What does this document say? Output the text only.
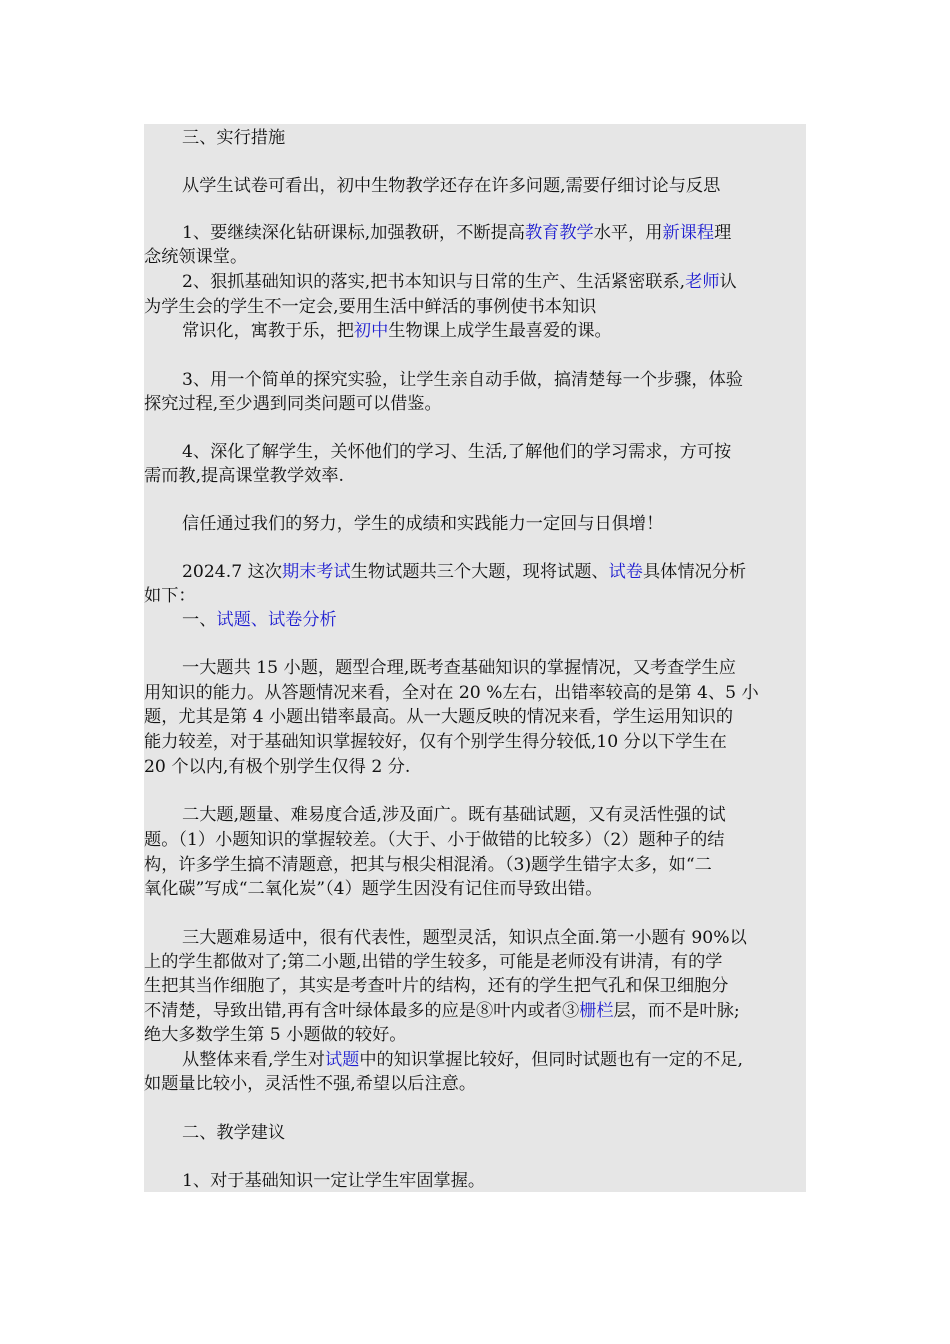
三、实行措施
从学生试卷可看出，初中生物教学还存在许多问题,需要仔细讨论与反思
1、要继续深化钻研课标,加强教研，不断提高教育教学水平，用新课程理
念统领课堂。
2、狠抓基础知识的落实,把书本知识与日常的生产、生活紧密联系,老师认
为学生会的学生不一定会,要用生活中鲜活的事例使书本知识
常识化，寓教于乐，把初中生物课上成学生最喜爱的课。
3、用一个简单的探究实验，让学生亲自动手做，搞清楚每一个步骤，体验
探究过程,至少遇到同类问题可以借鉴。
4、深化了解学生，关怀他们的学习、生活,了解他们的学习需求，方可按
需而教,提高课堂教学效率.
信任通过我们的努力，学生的成绩和实践能力一定回与日俱增！
2024.7 这次期末考试生物试题共三个大题，现将试题、试卷具体情况分析
如下：
一、试题、试卷分析
一大题共 15 小题，题型合理,既考查基础知识的掌握情况，又考查学生应
用知识的能力。从答题情况来看，全对在 20 %左右，出错率较高的是第 4、5 小
题，尤其是第 4 小题出错率最高。从一大题反映的情况来看，学生运用知识的
能力较差，对于基础知识掌握较好，仅有个别学生得分较低,10 分以下学生在
20 个以内,有极个别学生仅得 2 分.
二大题,题量、难易度合适,涉及面广。既有基础试题，又有灵活性强的试
题。（1）小题知识的掌握较差。（大于、小于做错的比较多）（2）题种子的结
构，许多学生搞不清题意，把其与根尖相混淆。（3)题学生错字太多，如“二
氧化碳”写成“二氧化炭”（4）题学生因没有记住而导致出错。
三大题难易适中，很有代表性，题型灵活，知识点全面.第一小题有 90%以
上的学生都做对了;第二小题,出错的学生较多，可能是老师没有讲清，有的学
生把其当作细胞了，其实是考查叶片的结构，还有的学生把气孔和保卫细胞分
不清楚，导致出错,再有含叶绿体最多的应是⑧叶内或者③栅栏层，而不是叶脉;
绝大多数学生第 5 小题做的较好。
从整体来看,学生对试题中的知识掌握比较好，但同时试题也有一定的不足,
如题量比较小，灵活性不强,希望以后注意。
二、教学建议
1、对于基础知识一定让学生牢固掌握。
